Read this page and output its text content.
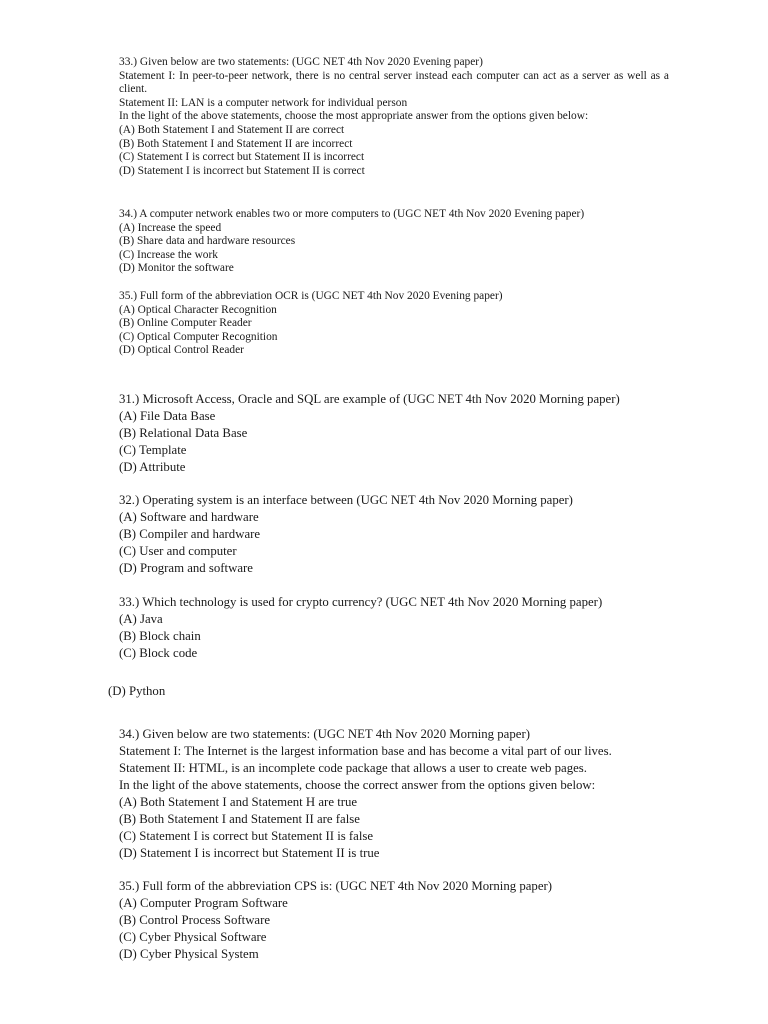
33.) Given below are two statements: (UGC NET 4th Nov 2020 Evening paper)
Statement I: In peer-to-peer network, there is no central server instead each computer can act as a server as well as a client.
Statement II: LAN is a computer network for individual person
In the light of the above statements, choose the most appropriate answer from the options given below:
(A) Both Statement I and Statement II are correct
(B) Both Statement I and Statement II are incorrect
(C) Statement I is correct but Statement II is incorrect
(D) Statement I is incorrect but Statement II is correct
34.) A computer network enables two or more computers to (UGC NET 4th Nov 2020 Evening paper)
(A) Increase the speed
(B) Share data and hardware resources
(C) Increase the work
(D) Monitor the software
35.) Full form of the abbreviation OCR is (UGC NET 4th Nov 2020 Evening paper)
(A) Optical Character Recognition
(B) Online Computer Reader
(C) Optical Computer Recognition
(D) Optical Control Reader
31.) Microsoft Access, Oracle and SQL are example of (UGC NET 4th Nov 2020 Morning paper)
(A) File Data Base
(B) Relational Data Base
(C) Template
(D) Attribute
32.) Operating system is an interface between (UGC NET 4th Nov 2020 Morning paper)
(A) Software and hardware
(B) Compiler and hardware
(C) User and computer
(D) Program and software
33.) Which technology is used for crypto currency? (UGC NET 4th Nov 2020 Morning paper)
(A) Java
(B) Block chain
(C) Block code
(D) Python
34.) Given below are two statements: (UGC NET 4th Nov 2020 Morning paper)
Statement I: The Internet is the largest information base and has become a vital part of our lives.
Statement II: HTML, is an incomplete code package that allows a user to create web pages.
In the light of the above statements, choose the correct answer from the options given below:
(A) Both Statement I and Statement H are true
(B) Both Statement I and Statement II are false
(C) Statement I is correct but Statement II is false
(D) Statement I is incorrect but Statement II is true
35.) Full form of the abbreviation CPS is: (UGC NET 4th Nov 2020 Morning paper)
(A) Computer Program Software
(B) Control Process Software
(C) Cyber Physical Software
(D) Cyber Physical System
